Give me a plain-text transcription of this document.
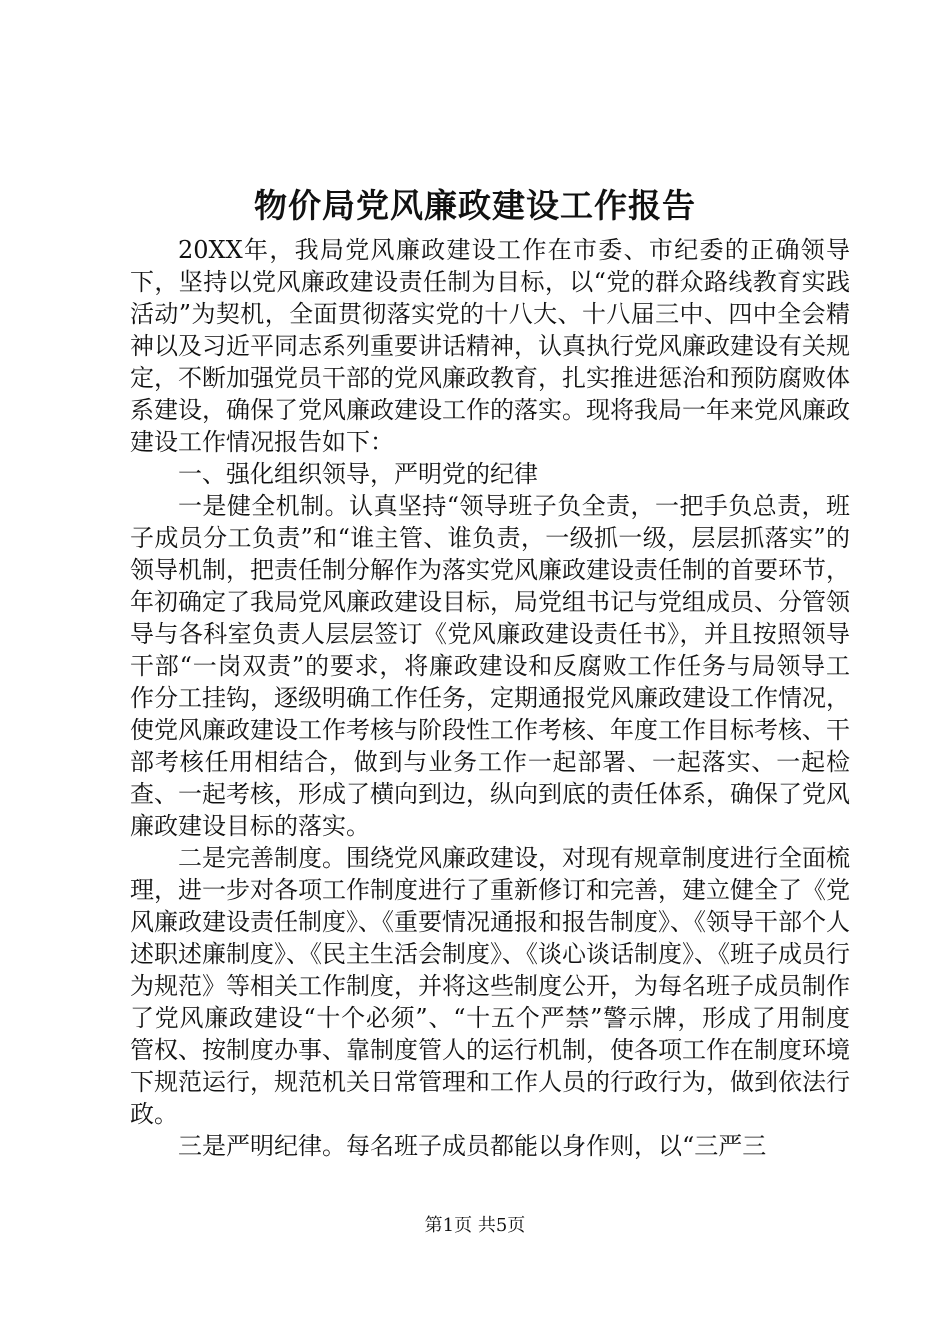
物价局党风廉政建设工作报告

20XX年，我局党风廉政建设工作在市委、市纪委的正确领导下，坚持以党风廉政建设责任制为目标，以“党的群众路线教育实践活动”为契机，全面贯彻落实党的十八大、十八届三中、四中全会精神以及习近平同志系列重要讲话精神，认真执行党风廉政建设有关规定，不断加强党员干部的党风廉政教育，扎实推进惩治和预防腐败体系建设，确保了党风廉政建设工作的落实。现将我局一年来党风廉政建设工作情况报告如下：

一、强化组织领导，严明党的纪律

一是健全机制。认真坚持“领导班子负全责，一把手负总责，班子成员分工负责”和“谁主管、谁负责，一级抓一级，层层抓落实”的领导机制，把责任制分解作为落实党风廉政建设责任制的首要环节，年初确定了我局党风廉政建设目标，局党组书记与党组成员、分管领导与各科室负责人层层签订《党风廉政建设责任书》，并且按照领导干部“一岗双责”的要求，将廉政建设和反腐败工作任务与局领导工作分工挂钩，逐级明确工作任务，定期通报党风廉政建设工作情况，使党风廉政建设工作考核与阶段性工作考核、年度工作目标考核、干部考核任用相结合，做到与业务工作一起部署、一起落实、一起检查、一起考核，形成了横向到边，纵向到底的责任体系，确保了党风廉政建设目标的落实。

二是完善制度。围绕党风廉政建设，对现有规章制度进行全面梳理，进一步对各项工作制度进行了重新修订和完善，建立健全了《党风廉政建设责任制度》、《重要情况通报和报告制度》、《领导干部个人述职述廉制度》、《民主生活会制度》、《谈心谈话制度》、《班子成员行为规范》等相关工作制度，并将这些制度公开，为每名班子成员制作了党风廉政建设“十个必须”、“十五个严禁”警示牌，形成了用制度管权、按制度办事、靠制度管人的运行机制，使各项工作在制度环境下规范运行，规范机关日常管理和工作人员的行政行为，做到依法行政。

三是严明纪律。每名班子成员都能以身作则，以“三严三

第1页 共5页
